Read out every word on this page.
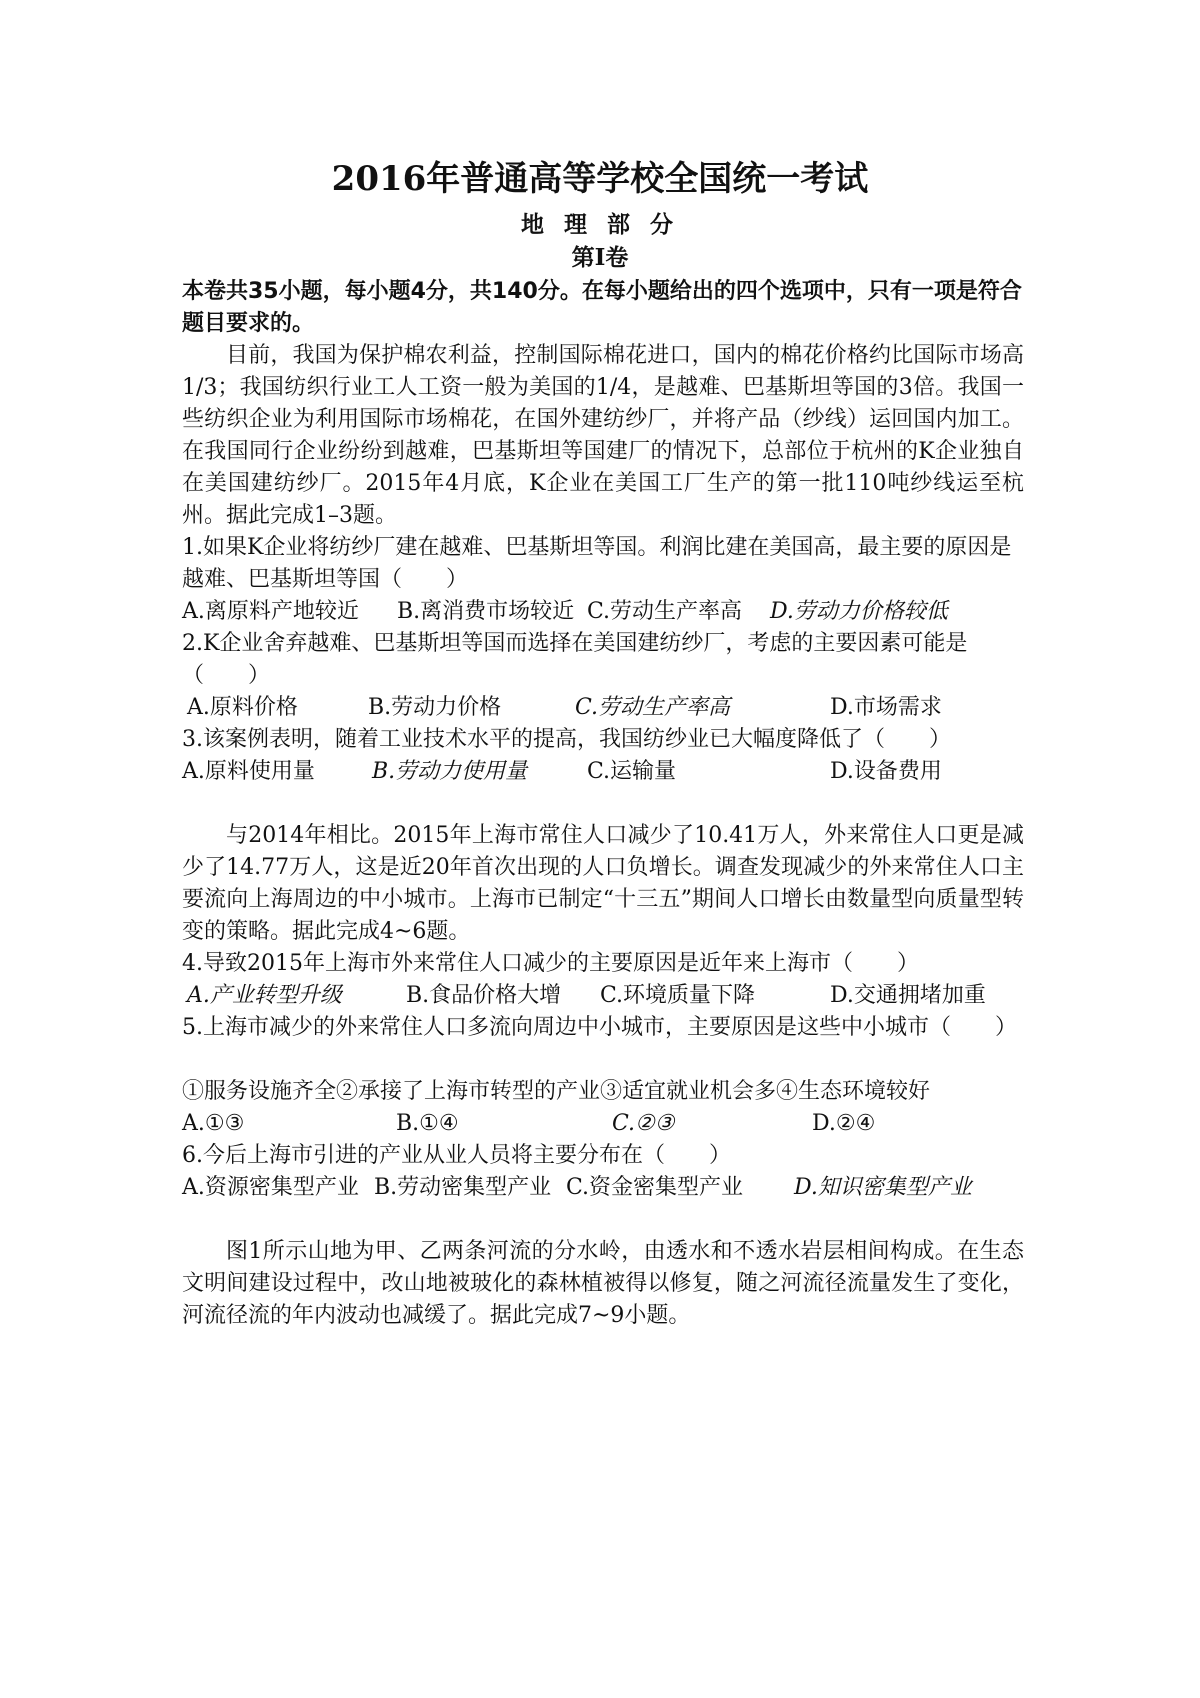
2016年普通高等学校全国统一考试
地 理 部 分
第Ⅰ卷
本卷共35小题，每小题4分，共140分。在每小题给出的四个选项中，只有一项是符合题目要求的。
目前，我国为保护棉农利益，控制国际棉花进口，国内的棉花价格约比国际市场高1/3；我国纺织行业工人工资一般为美国的1/4，是越难、巴基斯坦等国的3倍。我国一些纺织企业为利用国际市场棉花，在国外建纺纱厂，并将产品（纱线）运回国内加工。在我国同行企业纷纷到越难，巴基斯坦等国建厂的情况下，总部位于杭州的K企业独自在美国建纺纱厂。2015年4月底，K企业在美国工厂生产的第一批110吨纱线运至杭州。据此完成1–3题。
1.如果K企业将纺纱厂建在越难、巴基斯坦等国。利润比建在美国高，最主要的原因是越难、巴基斯坦等国（　　）
A.离原料产地较近 B.离消费市场较近 C.劳动生产率高 D.劳动力价格较低
2.K企业舍弃越难、巴基斯坦等国而选择在美国建纺纱厂，考虑的主要因素可能是（　　）
A.原料价格	B.劳动力价格	C.劳动生产率高	D.市场需求
3.该案例表明，随着工业技术水平的提高，我国纺纱业已大幅度降低了（　　）
A.原料使用量	B.劳动力使用量	C.运输量	D.设备费用
与2014年相比。2015年上海市常住人口减少了10.41万人，外来常住人口更是减少了14.77万人，这是近20年首次出现的人口负增长。调查发现减少的外来常住人口主要流向上海周边的中小城市。上海市已制定“十三五”期间人口增长由数量型向质量型转变的策略。据此完成4~6题。
4.导致2015年上海市外来常住人口减少的主要原因是近年来上海市（　　）
A.产业转型升级	B.食品价格大增 C.环境质量下降	D.交通拥堵加重
5.上海市减少的外来常住人口多流向周边中小城市，主要原因是这些中小城市（　　）
①服务设施齐全②承接了上海市转型的产业③适宜就业机会多④生态环境较好
A.①③	B.①④	C.②③	D.②④
6.今后上海市引进的产业从业人员将主要分布在（　　）
A.资源密集型产业 B.劳动密集型产业 C.资金密集型产业 D.知识密集型产业
图1所示山地为甲、乙两条河流的分水岭，由透水和不透水岩层相间构成。在生态文明间建设过程中，改山地被玻化的森林植被得以修复，随之河流径流量发生了变化，河流径流的年内波动也减缓了。据此完成7~9小题。
